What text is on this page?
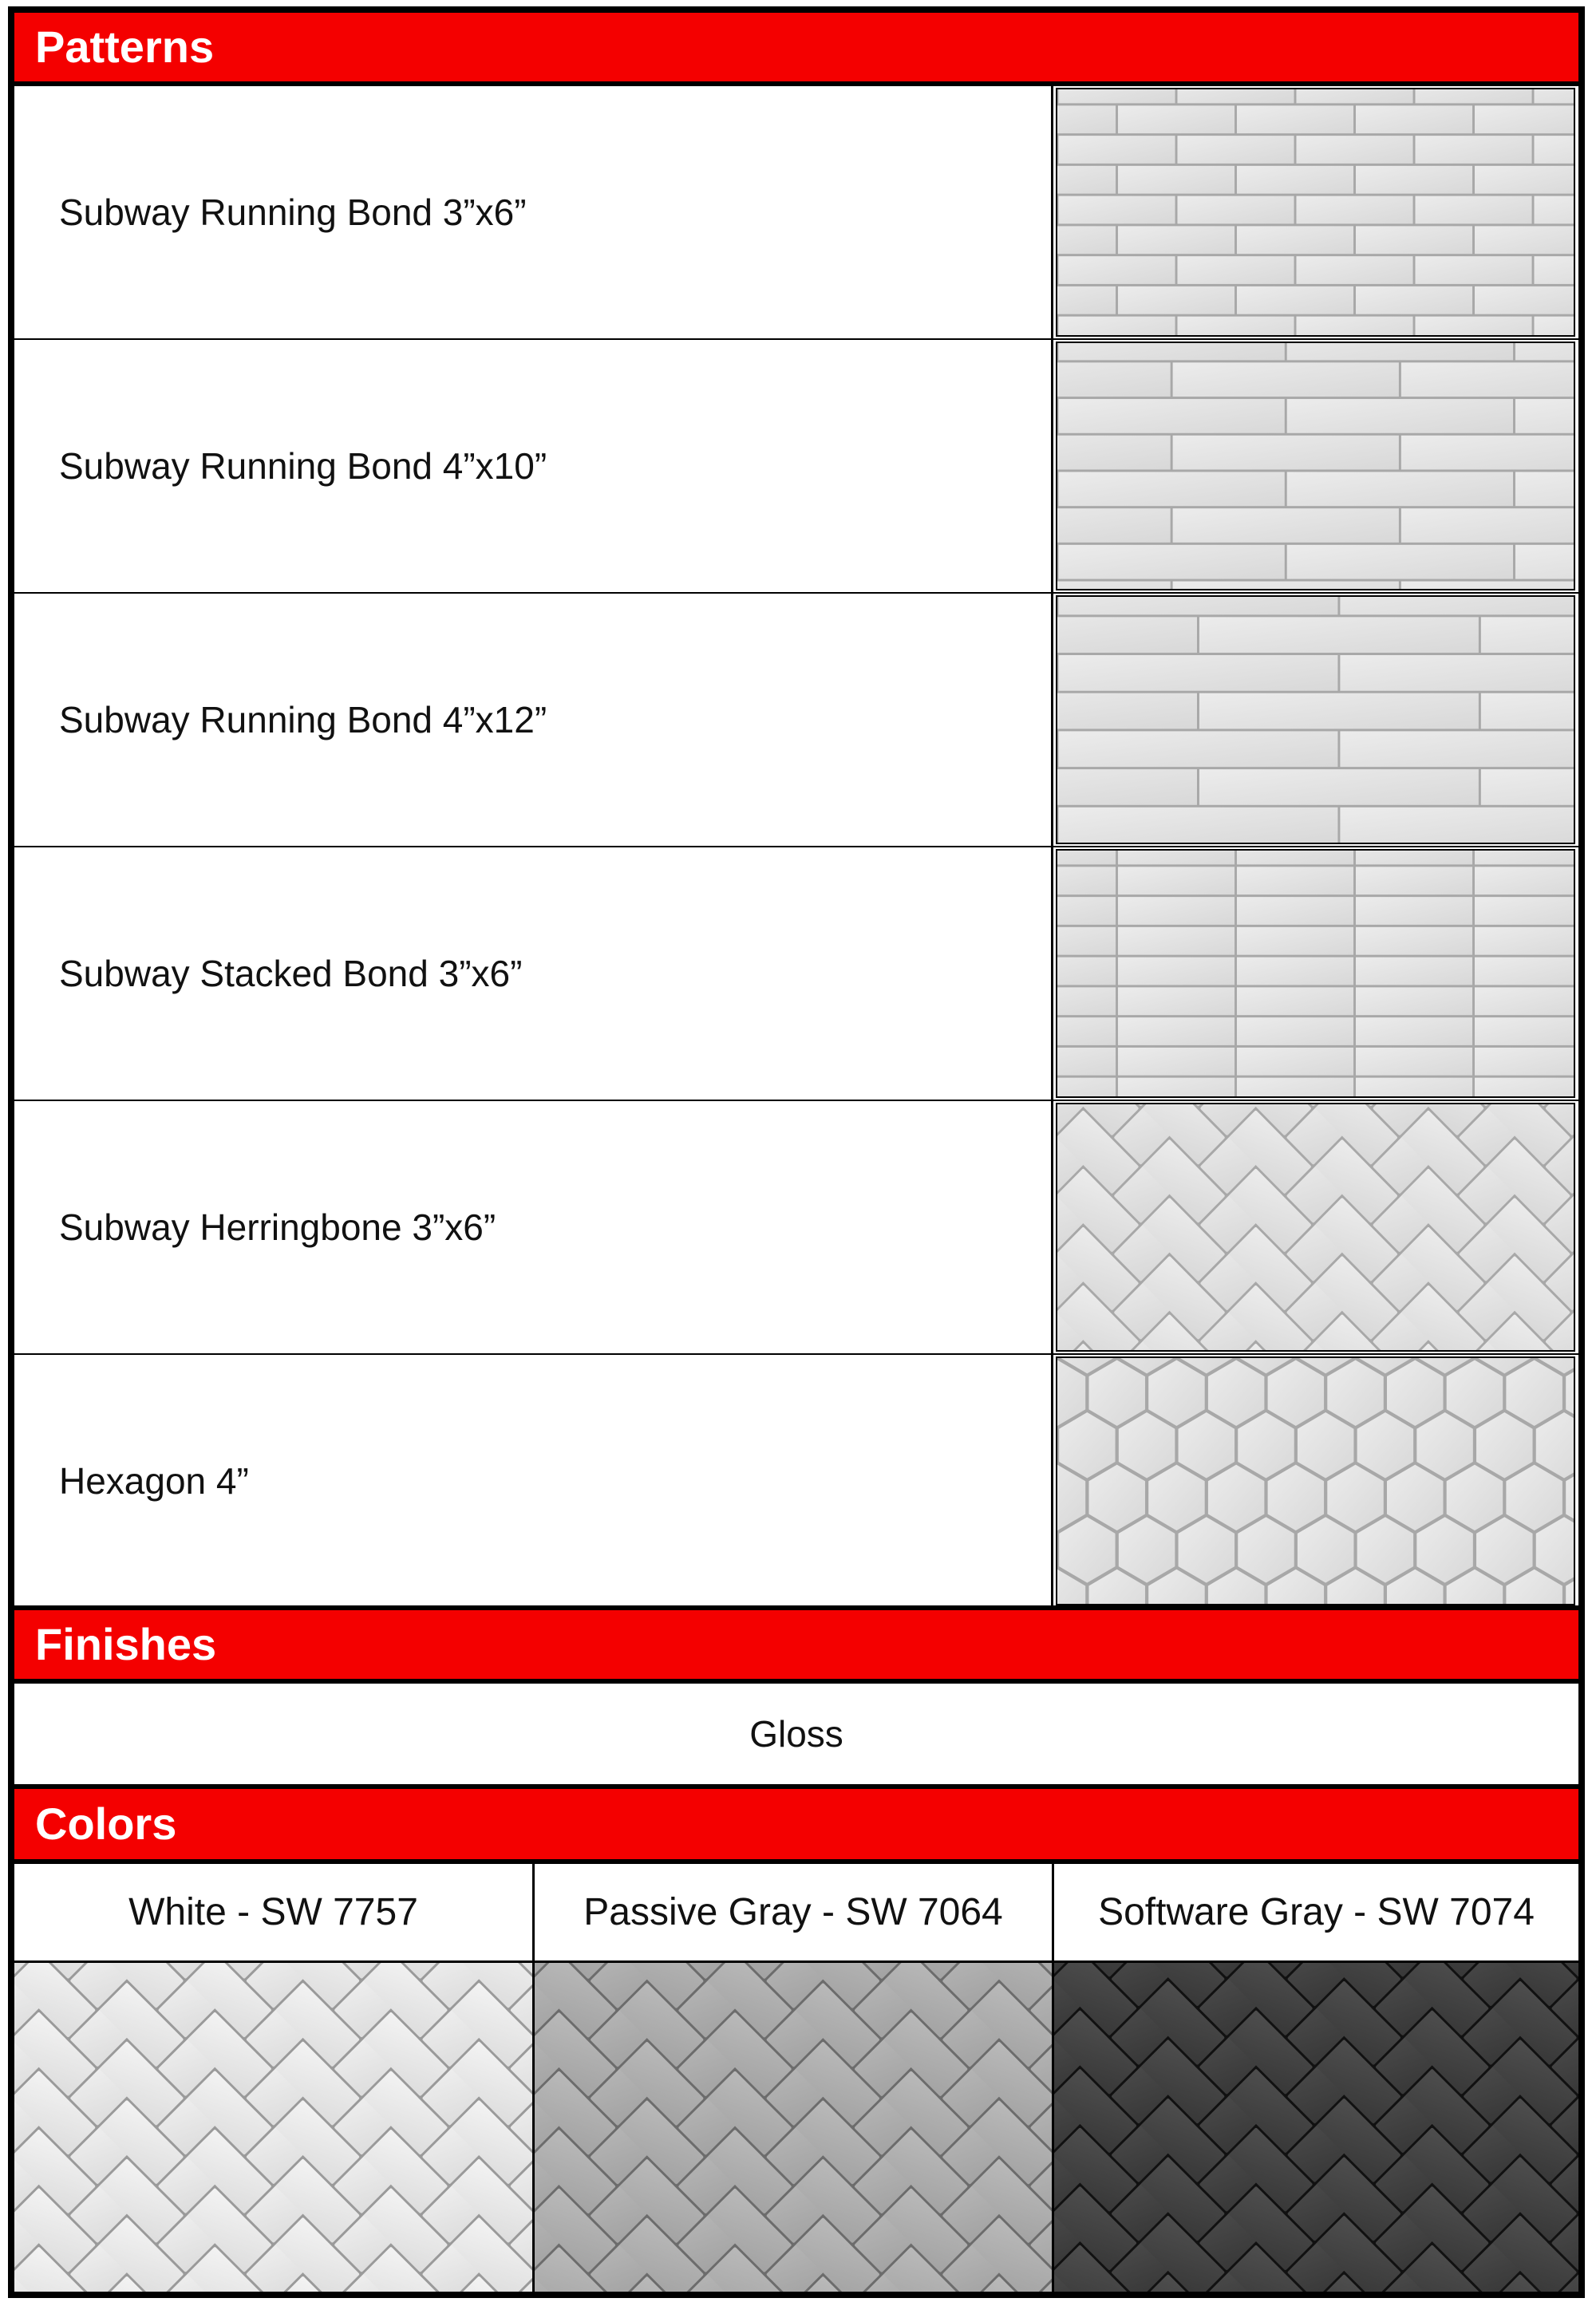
Patterns
Subway Running Bond 3”x6”
Subway Running Bond 4”x10”
Subway Running Bond 4”x12”
Subway Stacked Bond 3”x6”
Subway Herringbone 3”x6”
Hexagon 4”
Finishes
Gloss
Colors
White - SW 7757	Passive Gray - SW 7064	Software Gray - SW 7074
